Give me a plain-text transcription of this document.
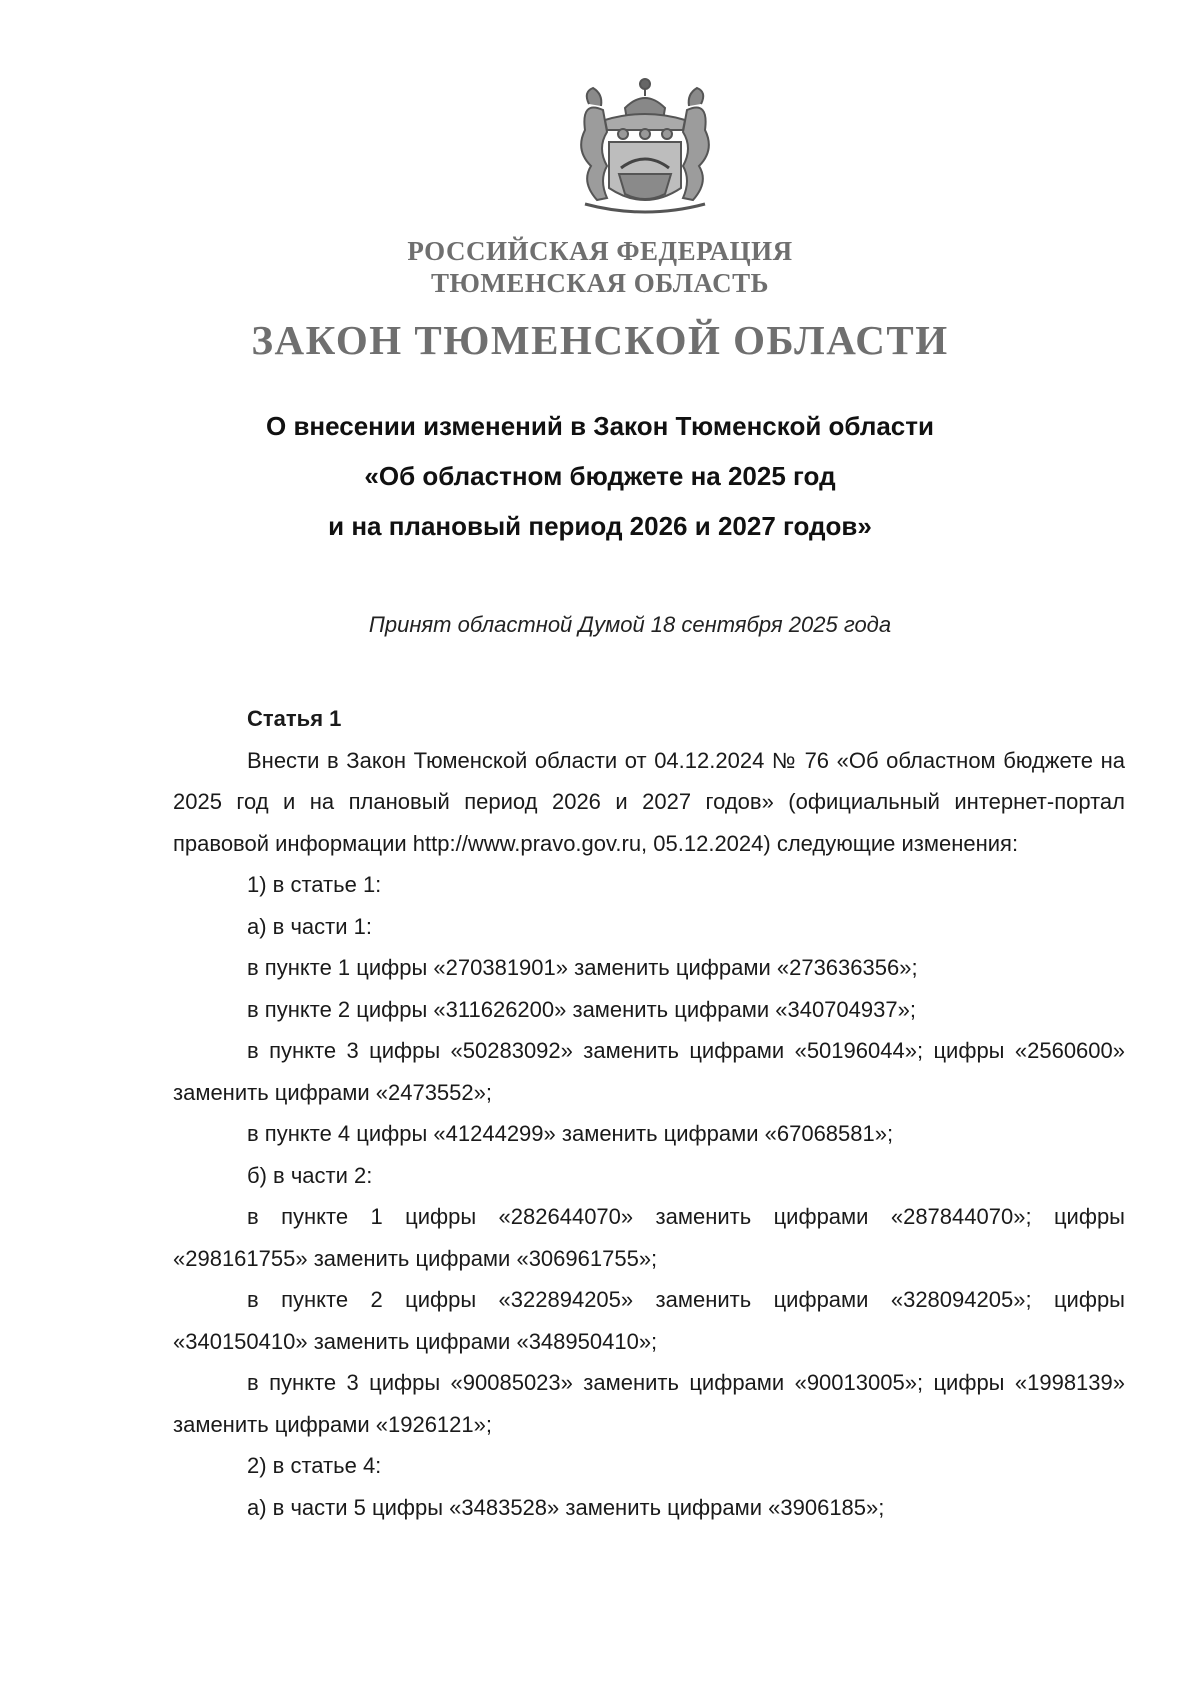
РОССИЙСКАЯ ФЕДЕРАЦИЯ
ТЮМЕНСКАЯ ОБЛАСТЬ
ЗАКОН ТЮМЕНСКОЙ ОБЛАСТИ
О внесении изменений в Закон Тюменской области
«Об областном бюджете на 2025 год
и на плановый период 2026 и 2027 годов»
Принят областной Думой 18 сентября 2025 года
Статья 1

Внести в Закон Тюменской области от 04.12.2024 № 76 «Об областном бюджете на 2025 год и на плановый период 2026 и 2027 годов» (официальный интернет-портал правовой информации http://www.pravo.gov.ru, 05.12.2024) следующие изменения:

1) в статье 1:

а) в части 1:

в пункте 1 цифры «270381901» заменить цифрами «273636356»;

в пункте 2 цифры «311626200» заменить цифрами «340704937»;

в пункте 3 цифры «50283092» заменить цифрами «50196044»; цифры «2560600» заменить цифрами «2473552»;

в пункте 4 цифры «41244299» заменить цифрами «67068581»;

б) в части 2:

в пункте 1 цифры «282644070» заменить цифрами «287844070»; цифры «298161755» заменить цифрами «306961755»;

в пункте 2 цифры «322894205» заменить цифрами «328094205»; цифры «340150410» заменить цифрами «348950410»;

в пункте 3 цифры «90085023» заменить цифрами «90013005»; цифры «1998139» заменить цифрами «1926121»;

2) в статье 4:

а) в части 5 цифры «3483528» заменить цифрами «3906185»;
